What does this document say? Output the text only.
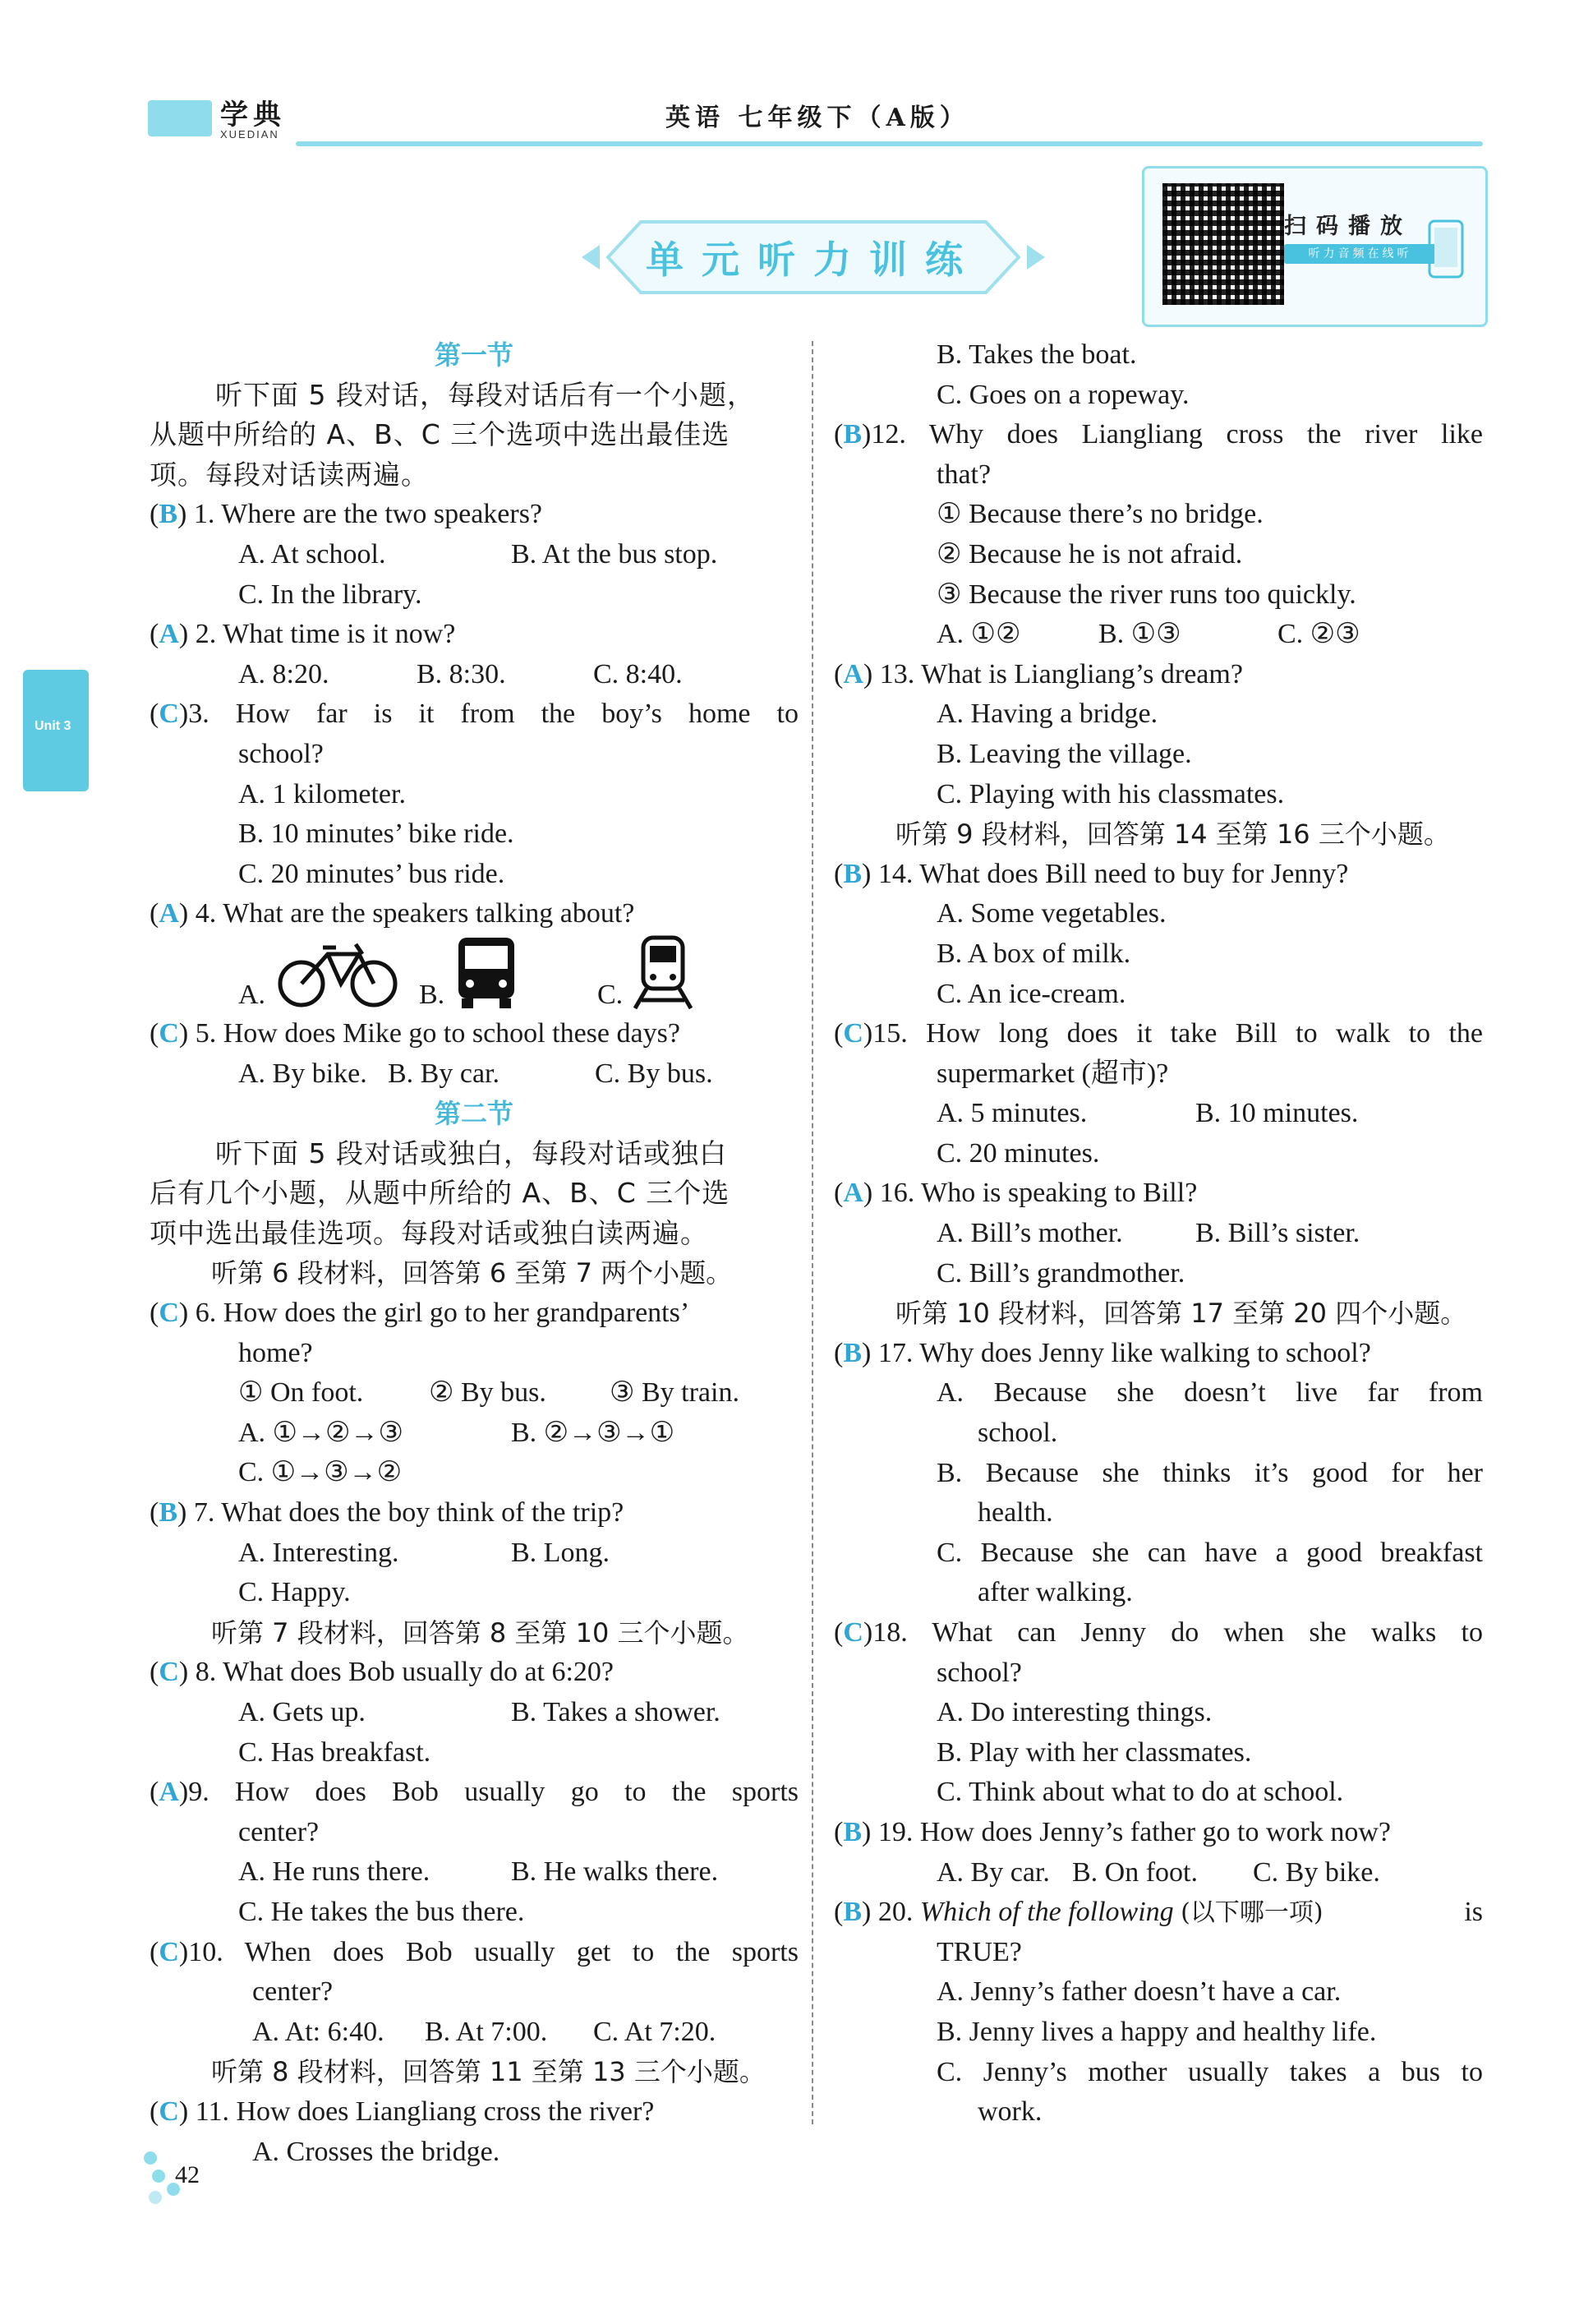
学典
XUEDIAN
英语 七年级下（A版）
单元听力训练
扫码播放
听力音频在线听
Unit 3
第一节
听下面 5 段对话，每段对话后有一个小题，
从题中所给的 A、B、C 三个选项中选出最佳选
项。每段对话读两遍。
(B) 1. Where are the two speakers?
A. At school.	B. At the bus stop.
C. In the library.
(A) 2. What time is it now?
A. 8:20.	B. 8:30.	C. 8:40.
(C) 3. How far is it from the boy’s home to
school?
A. 1 kilometer.
B. 10 minutes’ bike ride.
C. 20 minutes’ bus ride.
(A) 4. What are the speakers talking about?
A.	B.	C.
(C) 5. How does Mike go to school these days?
A. By bike. B. By car.	C. By bus.
第二节
听下面 5 段对话或独白，每段对话或独白
后有几个小题，从题中所给的 A、B、C 三个选
项中选出最佳选项。每段对话或独白读两遍。
听第 6 段材料，回答第 6 至第 7 两个小题。
(C) 6. How does the girl go to her grandparents’
home?
① On foot. ② By bus. ③ By train.
A. ①→②→③	B. ②→③→①
C. ①→③→②
(B) 7. What does the boy think of the trip?
A. Interesting.	B. Long.
C. Happy.
听第 7 段材料，回答第 8 至第 10 三个小题。
(C) 8. What does Bob usually do at 6:20?
A. Gets up.	B. Takes a shower.
C. Has breakfast.
(A) 9. How does Bob usually go to the sports
center?
A. He runs there.	B. He walks there.
C. He takes the bus there.
(C) 10. When does Bob usually get to the sports
center?
A. At: 6:40. B. At 7:00. C. At 7:20.
听第 8 段材料，回答第 11 至第 13 三个小题。
(C) 11. How does Liangliang cross the river?
A. Crosses the bridge.
B. Takes the boat.
C. Goes on a ropeway.
(B) 12. Why does Liangliang cross the river like
that?
① Because there’s no bridge.
② Because he is not afraid.
③ Because the river runs too quickly.
A. ①②	B. ①③	C. ②③
(A) 13. What is Liangliang’s dream?
A. Having a bridge.
B. Leaving the village.
C. Playing with his classmates.
听第 9 段材料，回答第 14 至第 16 三个小题。
(B) 14. What does Bill need to buy for Jenny?
A. Some vegetables.
B. A box of milk.
C. An ice-cream.
(C) 15. How long does it take Bill to walk to the
supermarket (超市)?
A. 5 minutes.	B. 10 minutes.
C. 20 minutes.
(A) 16. Who is speaking to Bill?
A. Bill’s mother.	B. Bill’s sister.
C. Bill’s grandmother.
听第 10 段材料，回答第 17 至第 20 四个小题。
(B) 17. Why does Jenny like walking to school?
A. Because she doesn’t live far from
school.
B. Because she thinks it’s good for her
health.
C. Because she can have a good breakfast
after walking.
(C) 18. What can Jenny do when she walks to
school?
A. Do interesting things.
B. Play with her classmates.
C. Think about what to do at school.
(B) 19. How does Jenny’s father go to work now?
A. By car. B. On foot. C. By bike.
(B) 20. Which of the following (以下哪一项)	is
TRUE?
A. Jenny’s father doesn’t have a car.
B. Jenny lives a happy and healthy life.
C. Jenny’s mother usually takes a bus to
work.
42
